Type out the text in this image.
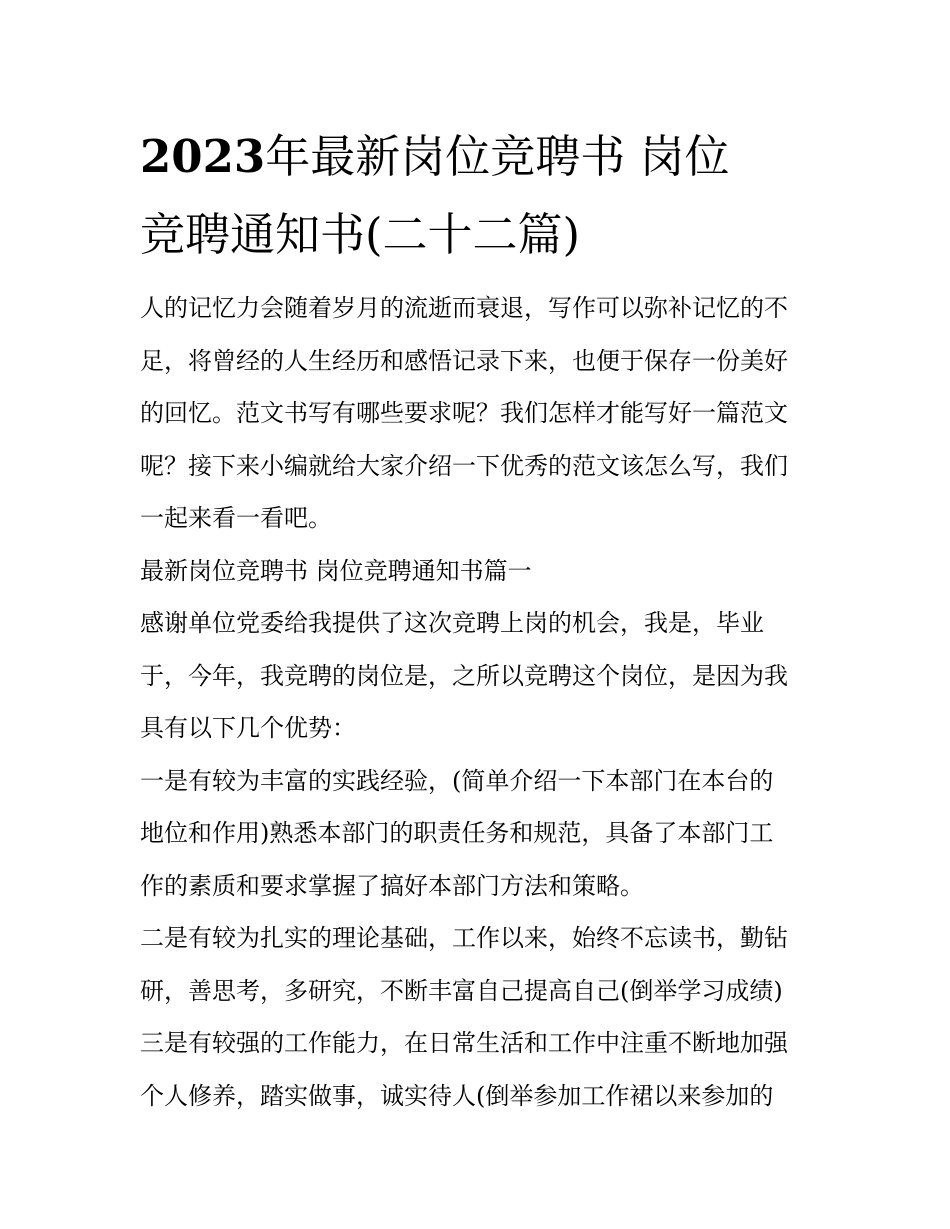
2023年最新岗位竞聘书 岗位
竞聘通知书(二十二篇)
人的记忆力会随着岁月的流逝而衰退，写作可以弥补记忆的不
足，将曾经的人生经历和感悟记录下来，也便于保存一份美好
的回忆。范文书写有哪些要求呢？我们怎样才能写好一篇范文
呢？接下来小编就给大家介绍一下优秀的范文该怎么写，我们
一起来看一看吧。
最新岗位竞聘书 岗位竞聘通知书篇一
感谢单位党委给我提供了这次竞聘上岗的机会，我是，毕业
于，今年，我竞聘的岗位是，之所以竞聘这个岗位，是因为我
具有以下几个优势：
一是有较为丰富的实践经验，(简单介绍一下本部门在本台的
地位和作用)熟悉本部门的职责任务和规范，具备了本部门工
作的素质和要求掌握了搞好本部门方法和策略。
二是有较为扎实的理论基础，工作以来，始终不忘读书，勤钻
研，善思考，多研究，不断丰富自己提高自己(倒举学习成绩)
三是有较强的工作能力，在日常生活和工作中注重不断地加强
个人修养，踏实做事，诚实待人(倒举参加工作裙以来参加的
